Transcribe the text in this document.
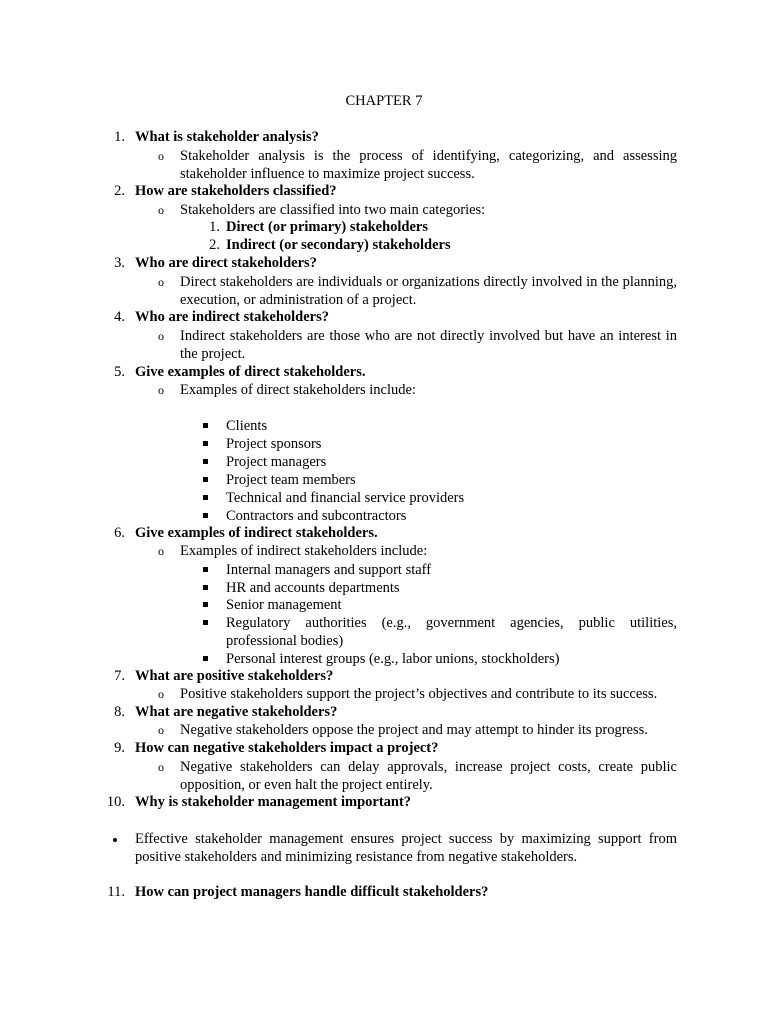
CHAPTER 7
1. What is stakeholder analysis?
o Stakeholder analysis is the process of identifying, categorizing, and assessing stakeholder influence to maximize project success.
2. How are stakeholders classified?
o Stakeholders are classified into two main categories:
1. Direct (or primary) stakeholders
2. Indirect (or secondary) stakeholders
3. Who are direct stakeholders?
o Direct stakeholders are individuals or organizations directly involved in the planning, execution, or administration of a project.
4. Who are indirect stakeholders?
o Indirect stakeholders are those who are not directly involved but have an interest in the project.
5. Give examples of direct stakeholders.
o Examples of direct stakeholders include:
Clients
Project sponsors
Project managers
Project team members
Technical and financial service providers
Contractors and subcontractors
6. Give examples of indirect stakeholders.
o Examples of indirect stakeholders include:
Internal managers and support staff
HR and accounts departments
Senior management
Regulatory authorities (e.g., government agencies, public utilities, professional bodies)
Personal interest groups (e.g., labor unions, stockholders)
7. What are positive stakeholders?
o Positive stakeholders support the project’s objectives and contribute to its success.
8. What are negative stakeholders?
o Negative stakeholders oppose the project and may attempt to hinder its progress.
9. How can negative stakeholders impact a project?
o Negative stakeholders can delay approvals, increase project costs, create public opposition, or even halt the project entirely.
10. Why is stakeholder management important?
Effective stakeholder management ensures project success by maximizing support from positive stakeholders and minimizing resistance from negative stakeholders.
11. How can project managers handle difficult stakeholders?
